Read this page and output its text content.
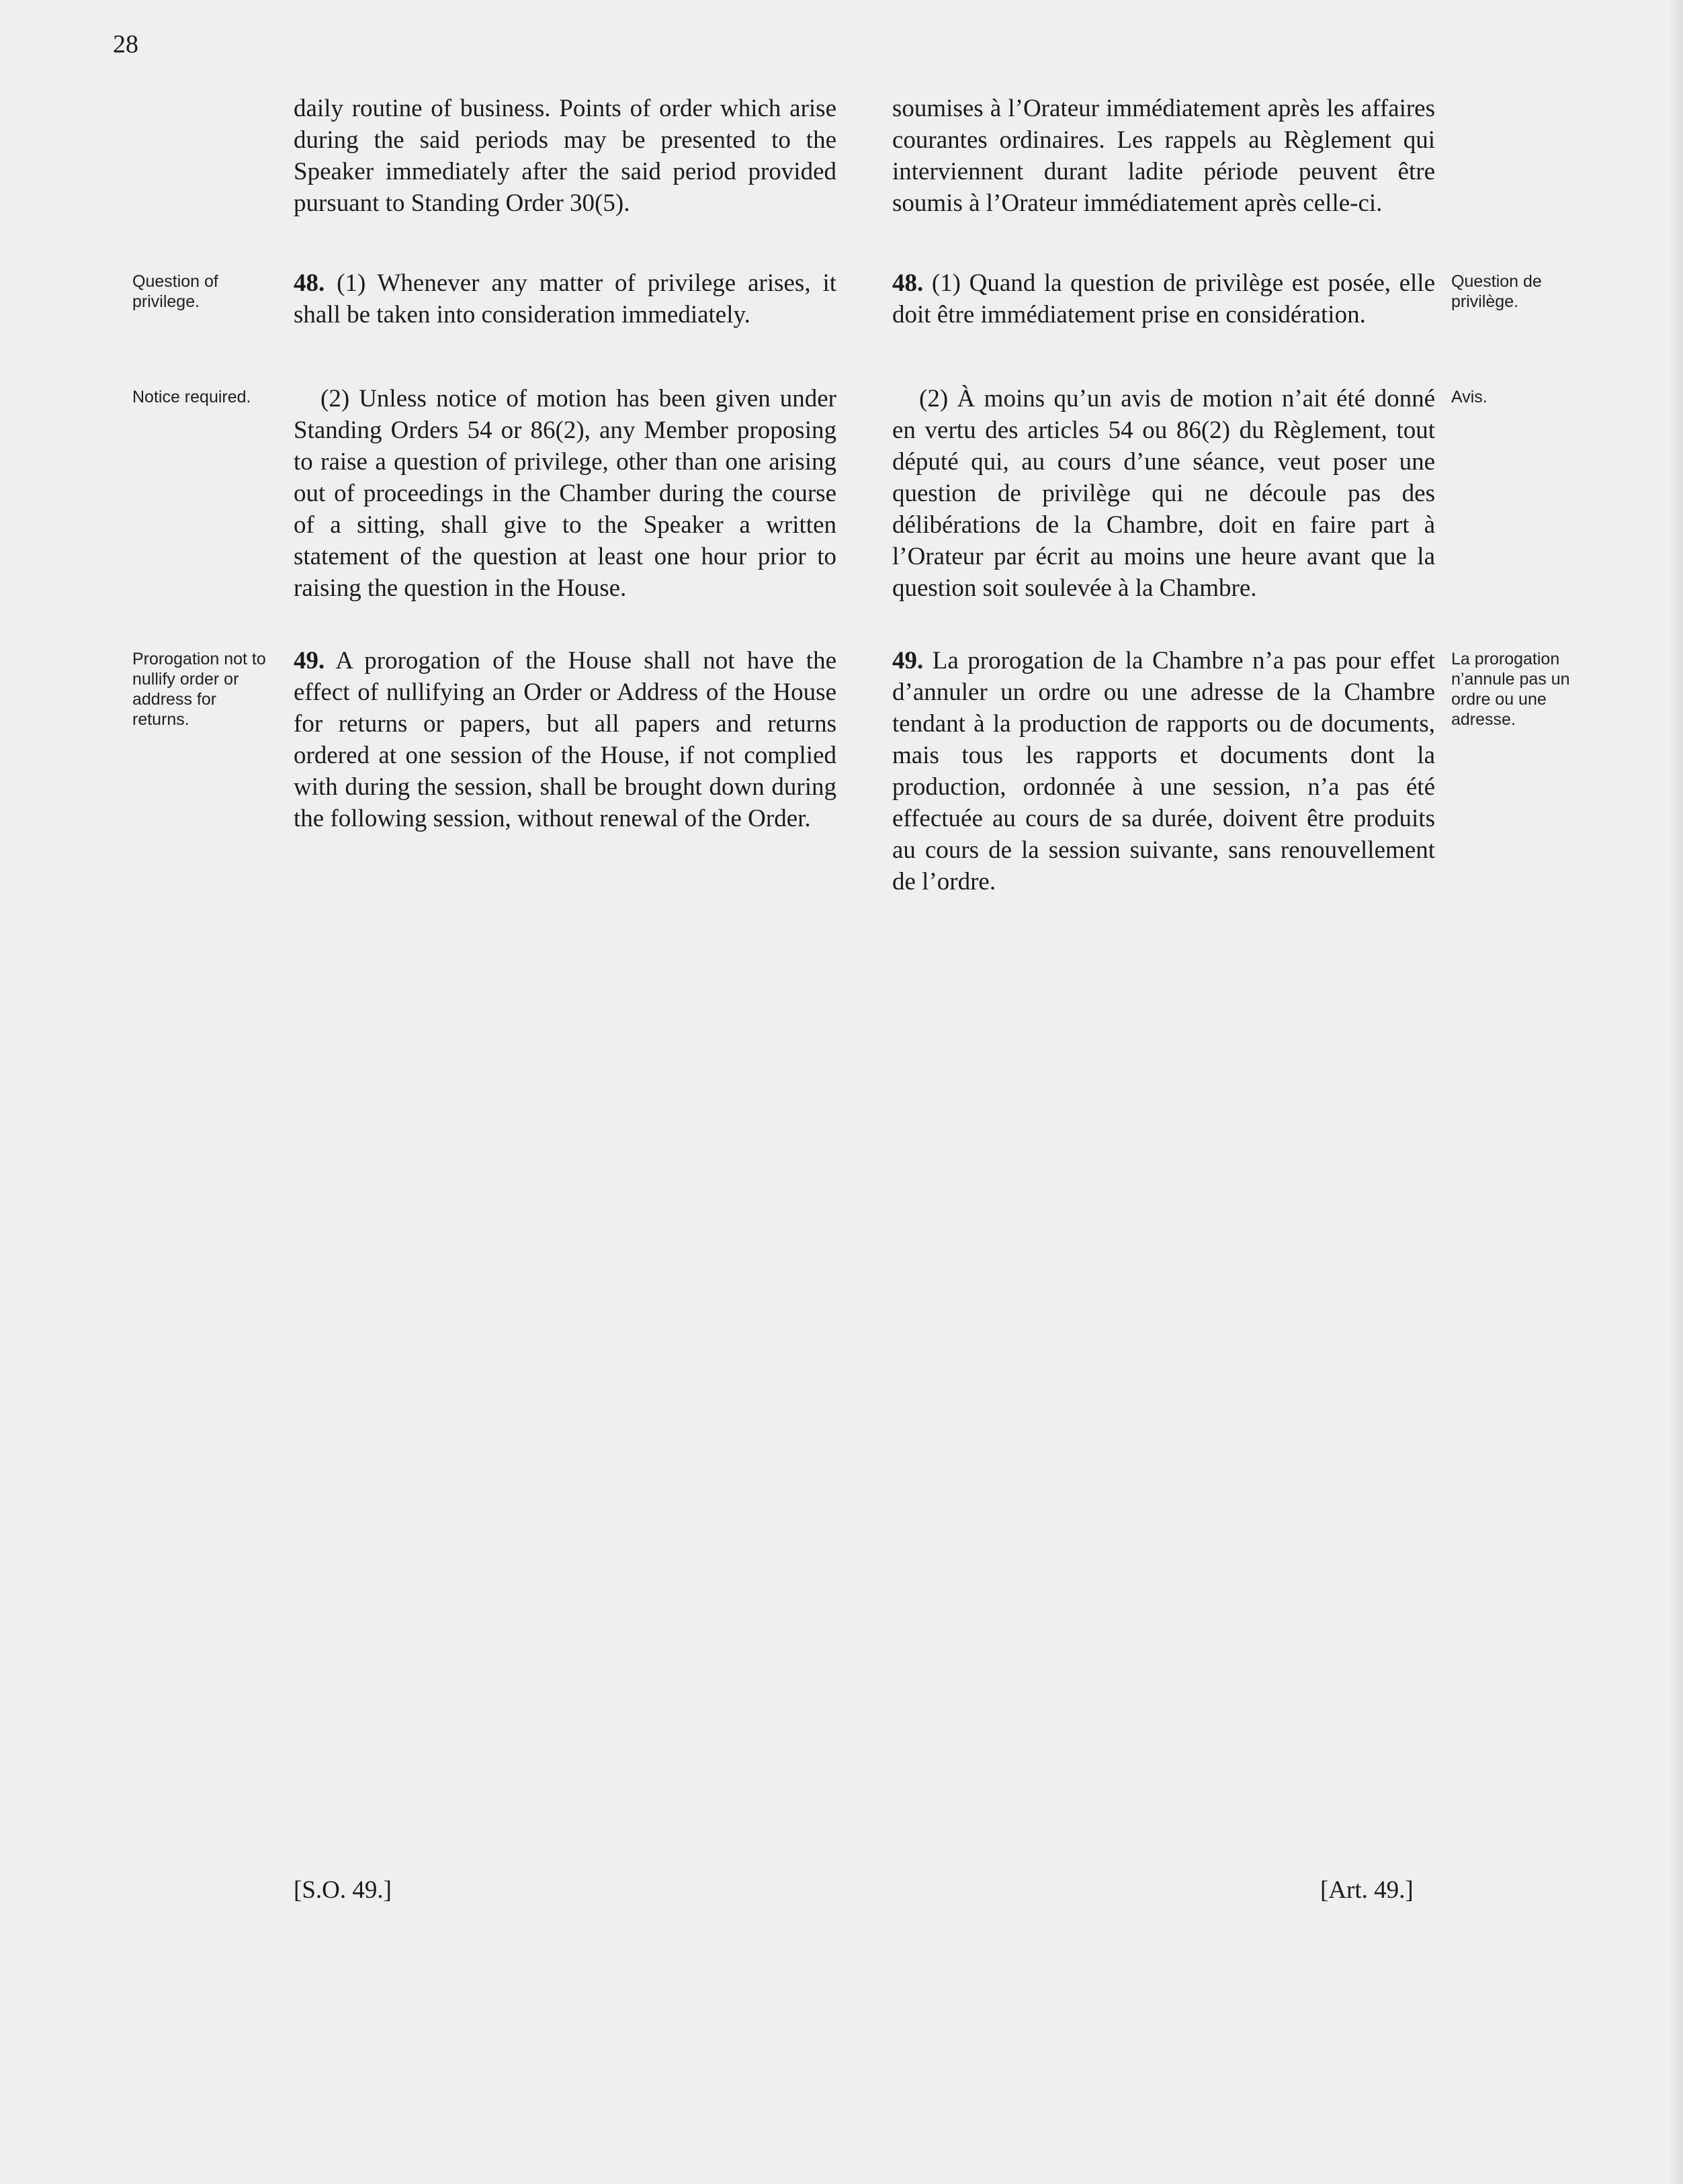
28

daily routine of business. Points of order which arise during the said periods may be presented to the Speaker immediately after the said period provided pursuant to Standing Order 30(5).

48. (1) Whenever any matter of privilege arises, it shall be taken into consideration immediately.

(2) Unless notice of motion has been given under Standing Orders 54 or 86(2), any Member proposing to raise a question of privilege, other than one arising out of proceedings in the Chamber during the course of a sitting, shall give to the Speaker a written statement of the question at least one hour prior to raising the question in the House.

49. A prorogation of the House shall not have the effect of nullifying an Order or Address of the House for returns or papers, but all papers and returns ordered at one session of the House, if not complied with during the session, shall be brought down during the following session, without renewal of the Order.

soumises à l’Orateur immédiatement après les affaires courantes ordinaires. Les rappels au Règlement qui interviennent durant ladite période peuvent être soumis à l’Orateur immédiatement après celle-ci.

48. (1) Quand la question de privilège est posée, elle doit être immédiatement prise en considération.

(2) À moins qu’un avis de motion n’ait été donné en vertu des articles 54 ou 86(2) du Règlement, tout député qui, au cours d’une séance, veut poser une question de privilège qui ne découle pas des délibérations de la Chambre, doit en faire part à l’Orateur par écrit au moins une heure avant que la question soit soulevée à la Chambre.

49. La prorogation de la Chambre n’a pas pour effet d’annuler un ordre ou une adresse de la Chambre tendant à la production de rapports ou de documents, mais tous les rapports et documents dont la production, ordonnée à une session, n’a pas été effectuée au cours de sa durée, doivent être produits au cours de la session suivante, sans renouvellement de l’ordre.

Question of privilege.
Notice required.
Prorogation not to nullify order or address for returns.
Question de privilège.
Avis.
La prorogation n’annule pas un ordre ou une adresse.
[S.O. 49.]	[Art. 49.]
